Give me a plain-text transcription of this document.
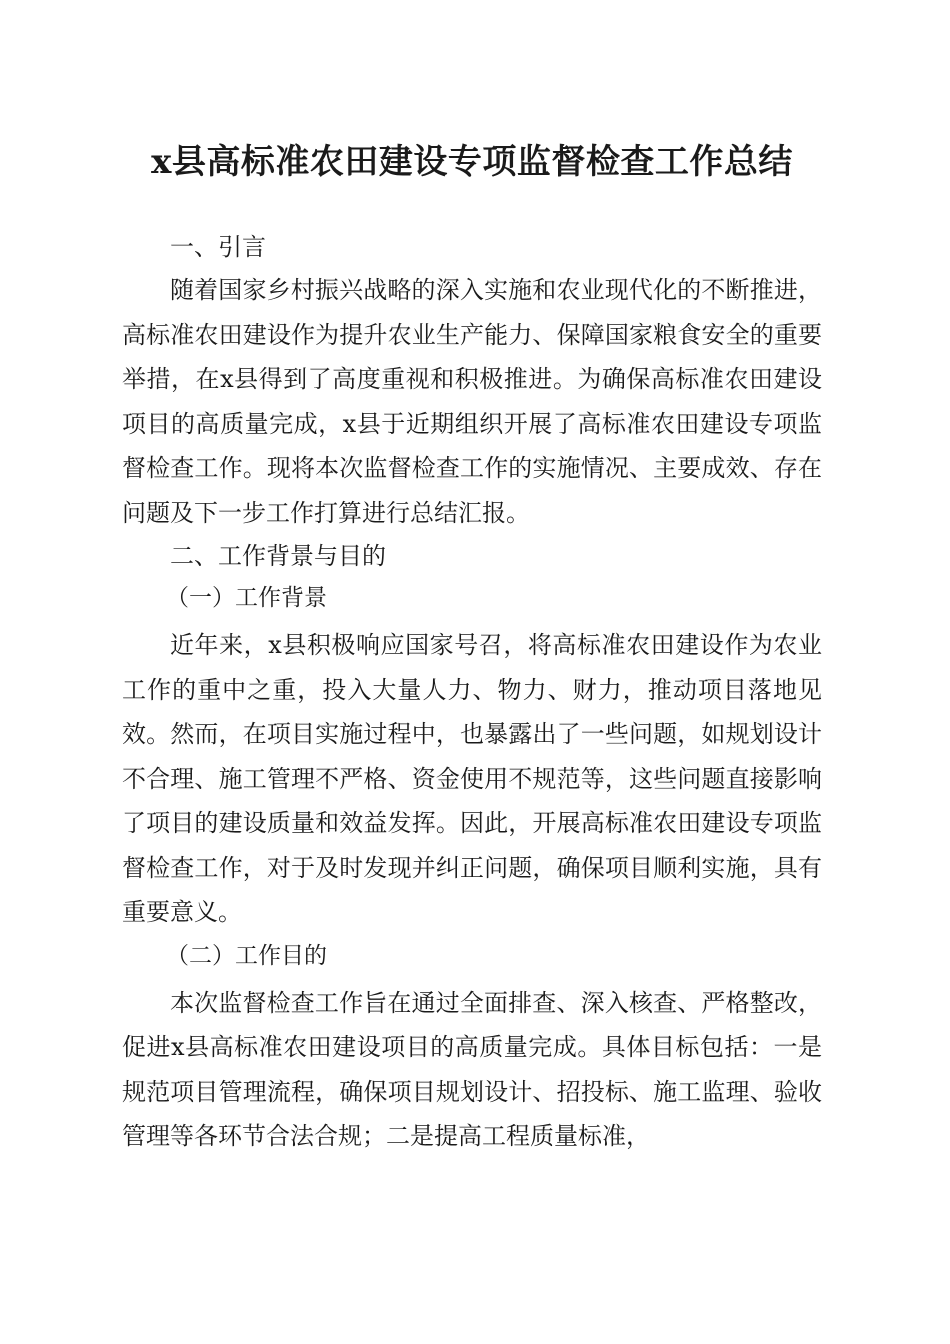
x县高标准农田建设专项监督检查工作总结

一、引言

随着国家乡村振兴战略的深入实施和农业现代化的不断推进，高标准农田建设作为提升农业生产能力、保障国家粮食安全的重要举措，在x县得到了高度重视和积极推进。为确保高标准农田建设项目的高质量完成，x县于近期组织开展了高标准农田建设专项监督检查工作。现将本次监督检查工作的实施情况、主要成效、存在问题及下一步工作打算进行总结汇报。

二、工作背景与目的

（一）工作背景

近年来，x县积极响应国家号召，将高标准农田建设作为农业工作的重中之重，投入大量人力、物力、财力，推动项目落地见效。然而，在项目实施过程中，也暴露出了一些问题，如规划设计不合理、施工管理不严格、资金使用不规范等，这些问题直接影响了项目的建设质量和效益发挥。因此，开展高标准农田建设专项监督检查工作，对于及时发现并纠正问题，确保项目顺利实施，具有重要意义。

（二）工作目的

本次监督检查工作旨在通过全面排查、深入核查、严格整改，促进x县高标准农田建设项目的高质量完成。具体目标包括：一是规范项目管理流程，确保项目规划设计、招投标、施工监理、验收管理等各环节合法合规；二是提高工程质量标准，
